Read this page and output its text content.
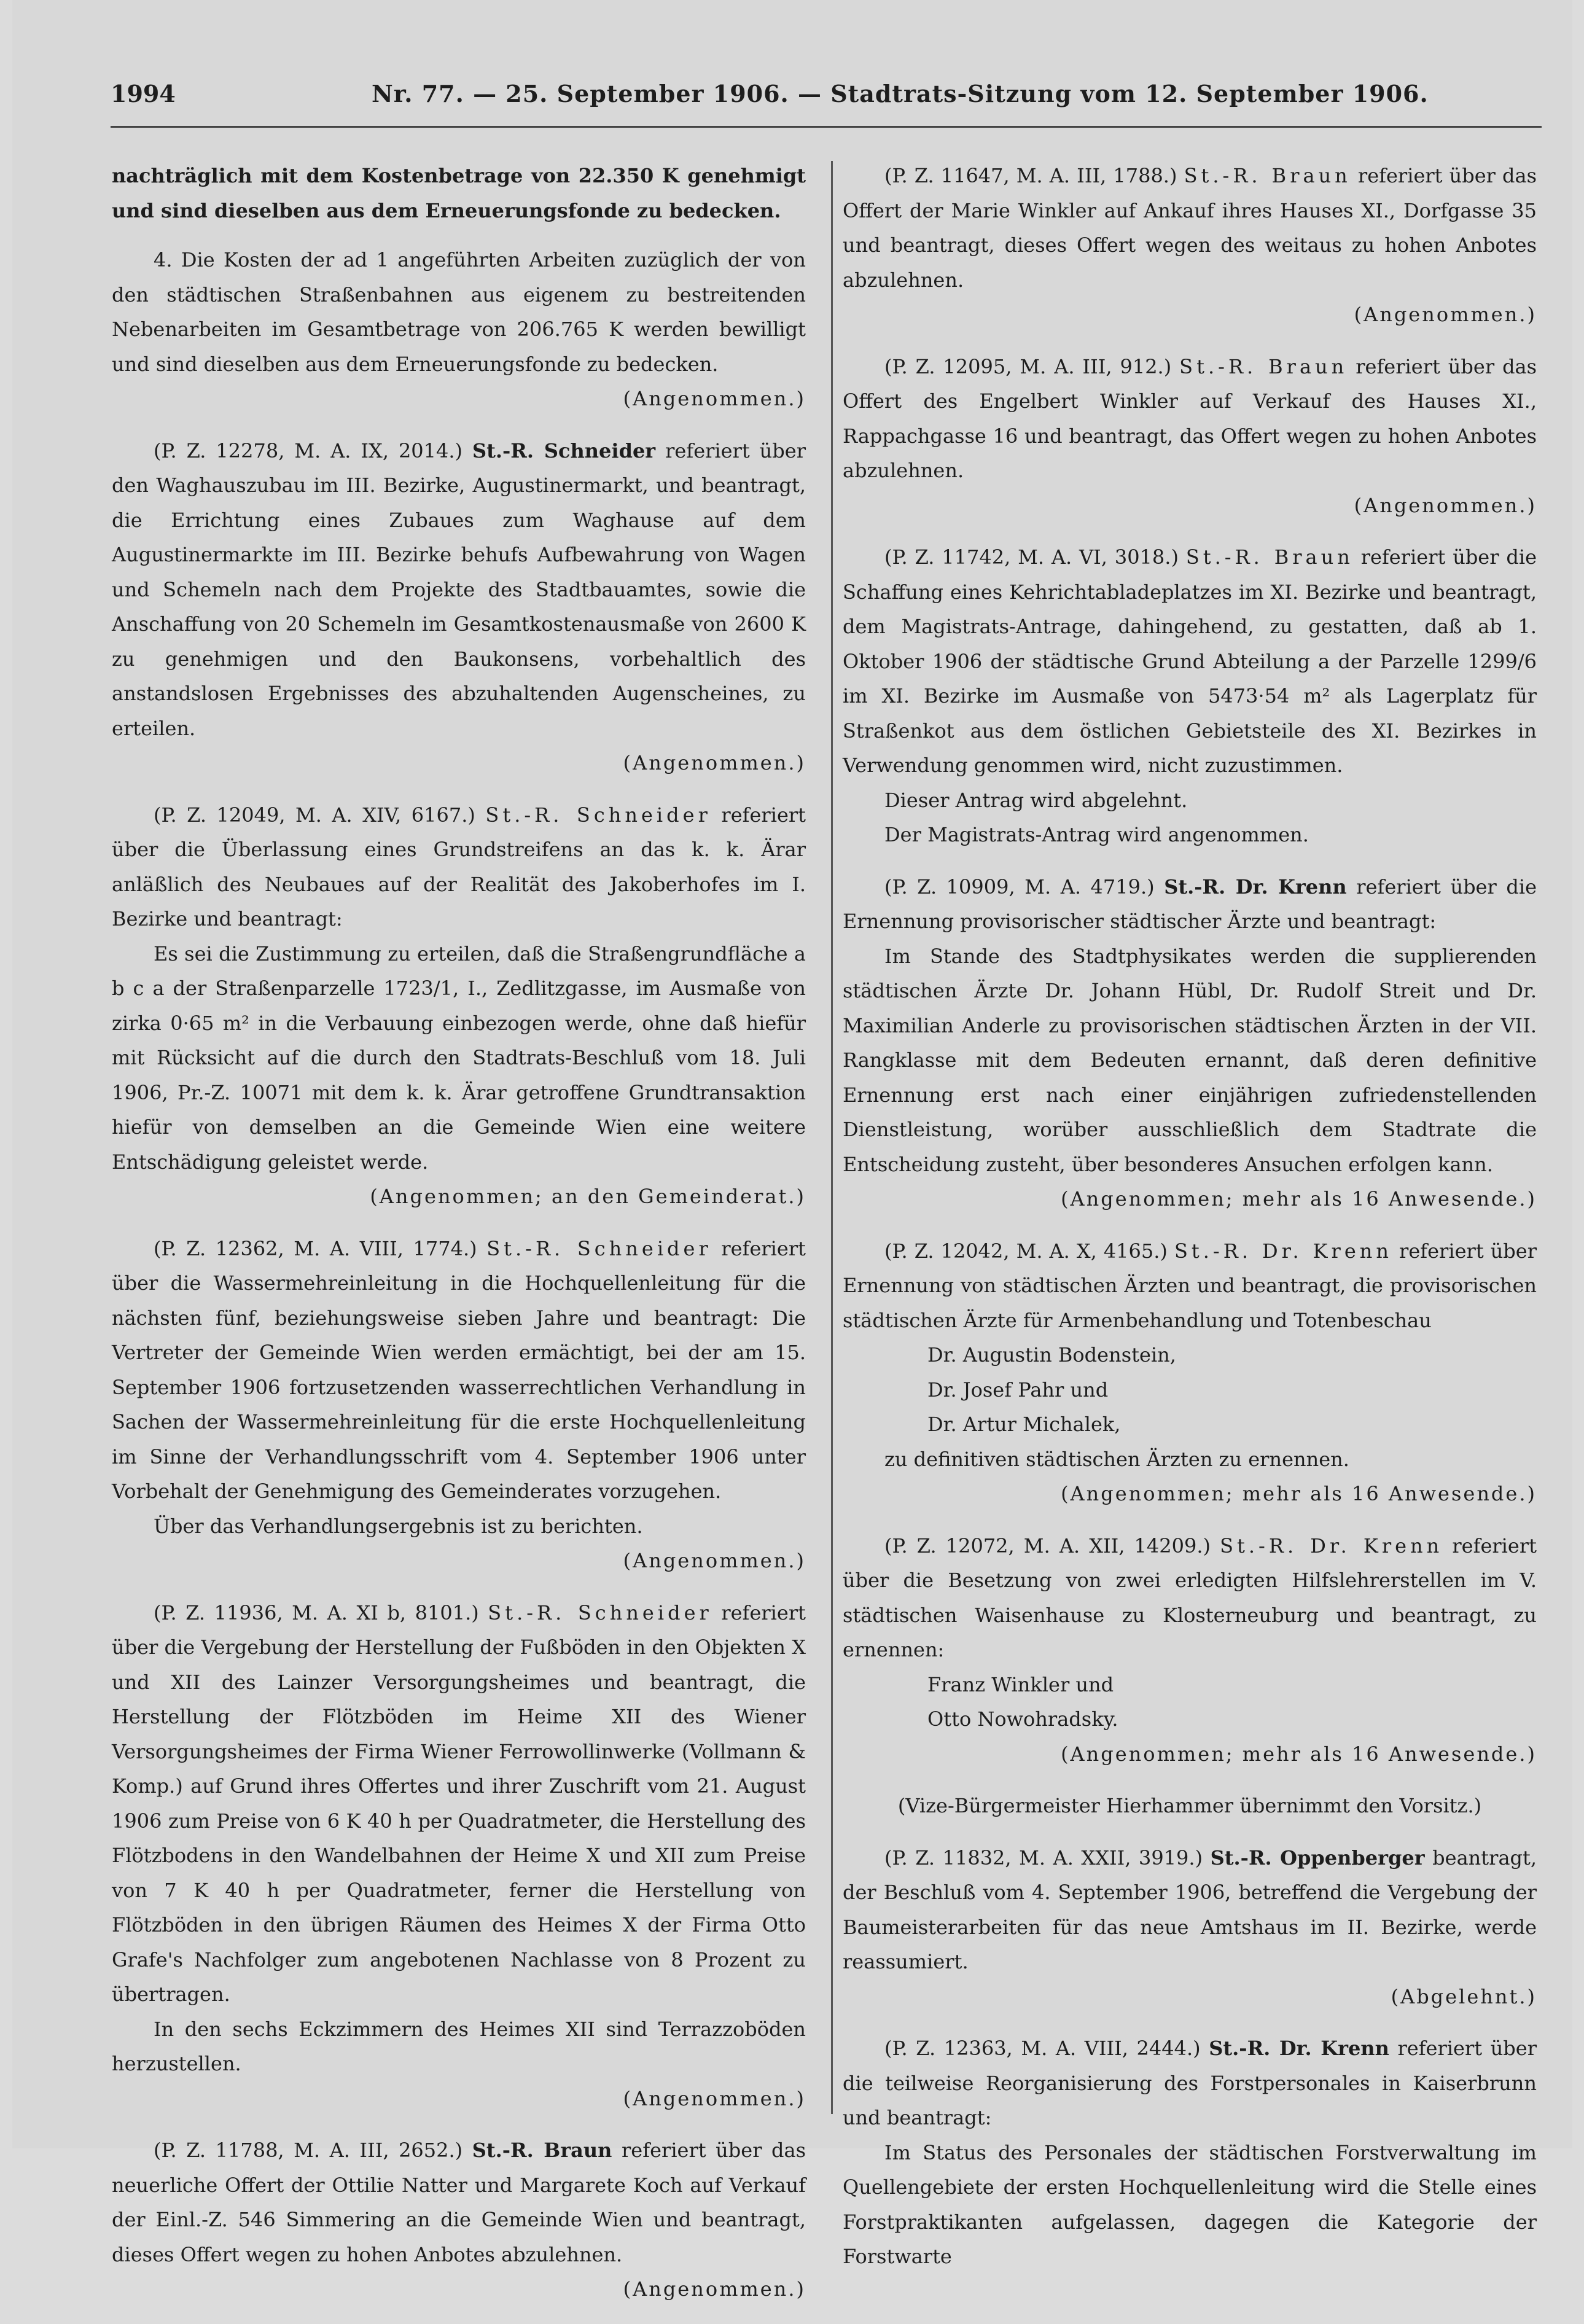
1994	Nr. 77. — 25. September 1906. — Stadtrats-Sitzung vom 12. September 1906.

nachträglich mit dem Kostenbetrage von 22.350 K genehmigt und sind dieselben aus dem Erneuerungsfonde zu bedecken.

4. Die Kosten der ad 1 angeführten Arbeiten zuzüglich der von den städtischen Straßenbahnen aus eigenem zu bestreitenden Nebenarbeiten im Gesamtbetrage von 206.765 K werden bewilligt und sind dieselben aus dem Erneuerungsfonde zu bedecken.
(Angenommen.)

(P. Z. 12278, M. A. IX, 2014.) St.-R. Schneider referiert über den Waghauszubau im III. Bezirke, Augustinermarkt, und beantragt, die Errichtung eines Zubaues zum Waghause auf dem Augustinermarkte im III. Bezirke behufs Aufbewahrung von Wagen und Schemeln nach dem Projekte des Stadtbauamtes, sowie die Anschaffung von 20 Schemeln im Gesamtkostenausmaße von 2600 K zu genehmigen und den Baukonsens, vorbehaltlich des anstandslosen Ergebnisses des abzuhaltenden Augenscheines, zu erteilen.
(Angenommen.)

(P. Z. 12049, M. A. XIV, 6167.) St.-R. Schneider referiert über die Überlassung eines Grundstreifens an das k. k. Ärar anläßlich des Neubaues auf der Realität des Jakoberhofes im I. Bezirke und beantragt:

Es sei die Zustimmung zu erteilen, daß die Straßengrundfläche a b c a der Straßenparzelle 1723/1, I., Zedlitzgasse, im Ausmaße von zirka 0·65 m² in die Verbauung einbezogen werde, ohne daß hiefür mit Rücksicht auf die durch den Stadtrats-Beschluß vom 18. Juli 1906, Pr.-Z. 10071 mit dem k. k. Ärar getroffene Grundtransaktion hiefür von demselben an die Gemeinde Wien eine weitere Entschädigung geleistet werde.
(Angenommen; an den Gemeinderat.)

(P. Z. 12362, M. A. VIII, 1774.) St.-R. Schneider referiert über die Wassermehreinleitung in die Hochquellenleitung für die nächsten fünf, beziehungsweise sieben Jahre und beantragt: Die Vertreter der Gemeinde Wien werden ermächtigt, bei der am 15. September 1906 fortzusetzenden wasserrechtlichen Verhandlung in Sachen der Wassermehreinleitung für die erste Hochquellenleitung im Sinne der Verhandlungsschrift vom 4. September 1906 unter Vorbehalt der Genehmigung des Gemeinderates vorzugehen.

Über das Verhandlungsergebnis ist zu berichten.
(Angenommen.)

(P. Z. 11936, M. A. XI b, 8101.) St.-R. Schneider referiert über die Vergebung der Herstellung der Fußböden in den Objekten X und XII des Lainzer Versorgungsheimes und beantragt, die Herstellung der Flötzböden im Heime XII des Wiener Versorgungsheimes der Firma Wiener Ferrowollinwerke (Vollmann & Komp.) auf Grund ihres Offertes und ihrer Zuschrift vom 21. August 1906 zum Preise von 6 K 40 h per Quadratmeter, die Herstellung des Flötzbodens in den Wandelbahnen der Heime X und XII zum Preise von 7 K 40 h per Quadratmeter, ferner die Herstellung von Flötzböden in den übrigen Räumen des Heimes X der Firma Otto Grafe's Nachfolger zum angebotenen Nachlasse von 8 Prozent zu übertragen.

In den sechs Eckzimmern des Heimes XII sind Terrazzoböden herzustellen.
(Angenommen.)

(P. Z. 11788, M. A. III, 2652.) St.-R. Braun referiert über das neuerliche Offert der Ottilie Natter und Margarete Koch auf Verkauf der Einl.-Z. 546 Simmering an die Gemeinde Wien und beantragt, dieses Offert wegen zu hohen Anbotes abzulehnen.
(Angenommen.)

(P. Z. 11647, M. A. III, 1788.) St.-R. Braun referiert über das Offert der Marie Winkler auf Ankauf ihres Hauses XI., Dorfgasse 35 und beantragt, dieses Offert wegen des weitaus zu hohen Anbotes abzulehnen.
(Angenommen.)

(P. Z. 12095, M. A. III, 912.) St.-R. Braun referiert über das Offert des Engelbert Winkler auf Verkauf des Hauses XI., Rappachgasse 16 und beantragt, das Offert wegen zu hohen Anbotes abzulehnen.
(Angenommen.)

(P. Z. 11742, M. A. VI, 3018.) St.-R. Braun referiert über die Schaffung eines Kehrichtabladeplatzes im XI. Bezirke und beantragt, dem Magistrats-Antrage, dahingehend, zu gestatten, daß ab 1. Oktober 1906 der städtische Grund Abteilung a der Parzelle 1299/6 im XI. Bezirke im Ausmaße von 5473·54 m² als Lagerplatz für Straßenkot aus dem östlichen Gebietsteile des XI. Bezirkes in Verwendung genommen wird, nicht zuzustimmen.

Dieser Antrag wird abgelehnt.

Der Magistrats-Antrag wird angenommen.

(P. Z. 10909, M. A. 4719.) St.-R. Dr. Krenn referiert über die Ernennung provisorischer städtischer Ärzte und beantragt:

Im Stande des Stadtphysikates werden die supplierenden städtischen Ärzte Dr. Johann Hübl, Dr. Rudolf Streit und Dr. Maximilian Anderle zu provisorischen städtischen Ärzten in der VII. Rangklasse mit dem Bedeuten ernannt, daß deren definitive Ernennung erst nach einer einjährigen zufriedenstellenden Dienstleistung, worüber ausschließlich dem Stadtrate die Entscheidung zusteht, über besonderes Ansuchen erfolgen kann.
(Angenommen; mehr als 16 Anwesende.)

(P. Z. 12042, M. A. X, 4165.) St.-R. Dr. Krenn referiert über Ernennung von städtischen Ärzten und beantragt, die provisorischen städtischen Ärzte für Armenbehandlung und Totenbeschau
Dr. Augustin Bodenstein,
Dr. Josef Pahr und
Dr. Artur Michalek,
zu definitiven städtischen Ärzten zu ernennen.
(Angenommen; mehr als 16 Anwesende.)

(P. Z. 12072, M. A. XII, 14209.) St.-R. Dr. Krenn referiert über die Besetzung von zwei erledigten Hilfslehrerstellen im V. städtischen Waisenhause zu Klosterneuburg und beantragt, zu ernennen:
Franz Winkler und
Otto Nowohradsky.
(Angenommen; mehr als 16 Anwesende.)

(Vize-Bürgermeister Hierhammer übernimmt den Vorsitz.)

(P. Z. 11832, M. A. XXII, 3919.) St.-R. Oppenberger beantragt, der Beschluß vom 4. September 1906, betreffend die Vergebung der Baumeisterarbeiten für das neue Amtshaus im II. Bezirke, werde reassumiert.
(Abgelehnt.)

(P. Z. 12363, M. A. VIII, 2444.) St.-R. Dr. Krenn referiert über die teilweise Reorganisierung des Forstpersonales in Kaiserbrunn und beantragt:

Im Status des Personales der städtischen Forstverwaltung im Quellengebiete der ersten Hochquellenleitung wird die Stelle eines Forstpraktikanten aufgelassen, dagegen die Kategorie der Forstwarte
